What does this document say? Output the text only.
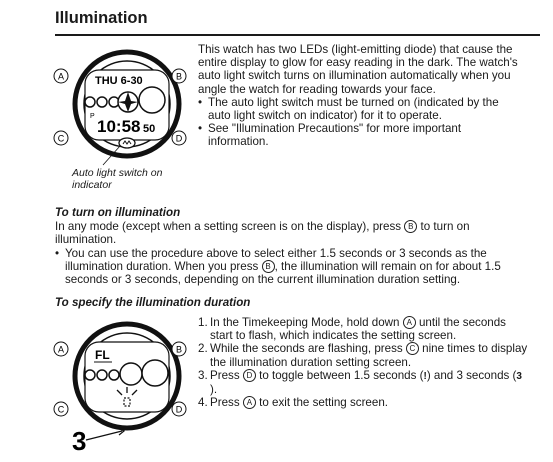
Illumination
THU 6-30
P
10:58 50
A	B
C	D
FL
A	B
C	D
3
This watch has two LEDs (light-emitting diode) that cause the entire display to glow for easy reading in the dark. The watch's auto light switch turns on illumination automatically when you angle the watch for reading towards your face.
• The auto light switch must be turned on (indicated by the auto light switch on indicator) for it to operate.
• See "Illumination Precautions" for more important information.
Auto light switch on
indicator
To turn on illumination
In any mode (except when a setting screen is on the display), press B to turn on illumination.
• You can use the procedure above to select either 1.5 seconds or 3 seconds as the illumination duration. When you press B , the illumination will remain on for about 1.5 seconds or 3 seconds, depending on the current illumination duration setting.
To specify the illumination duration
1. In the Timekeeping Mode, hold down A until the seconds start to flash, which indicates the setting screen.
2. While the seconds are flashing, press C nine times to display the illumination duration setting screen.
3. Press D to toggle between 1.5 seconds (!) and 3 seconds (3).
4. Press A to exit the setting screen.
